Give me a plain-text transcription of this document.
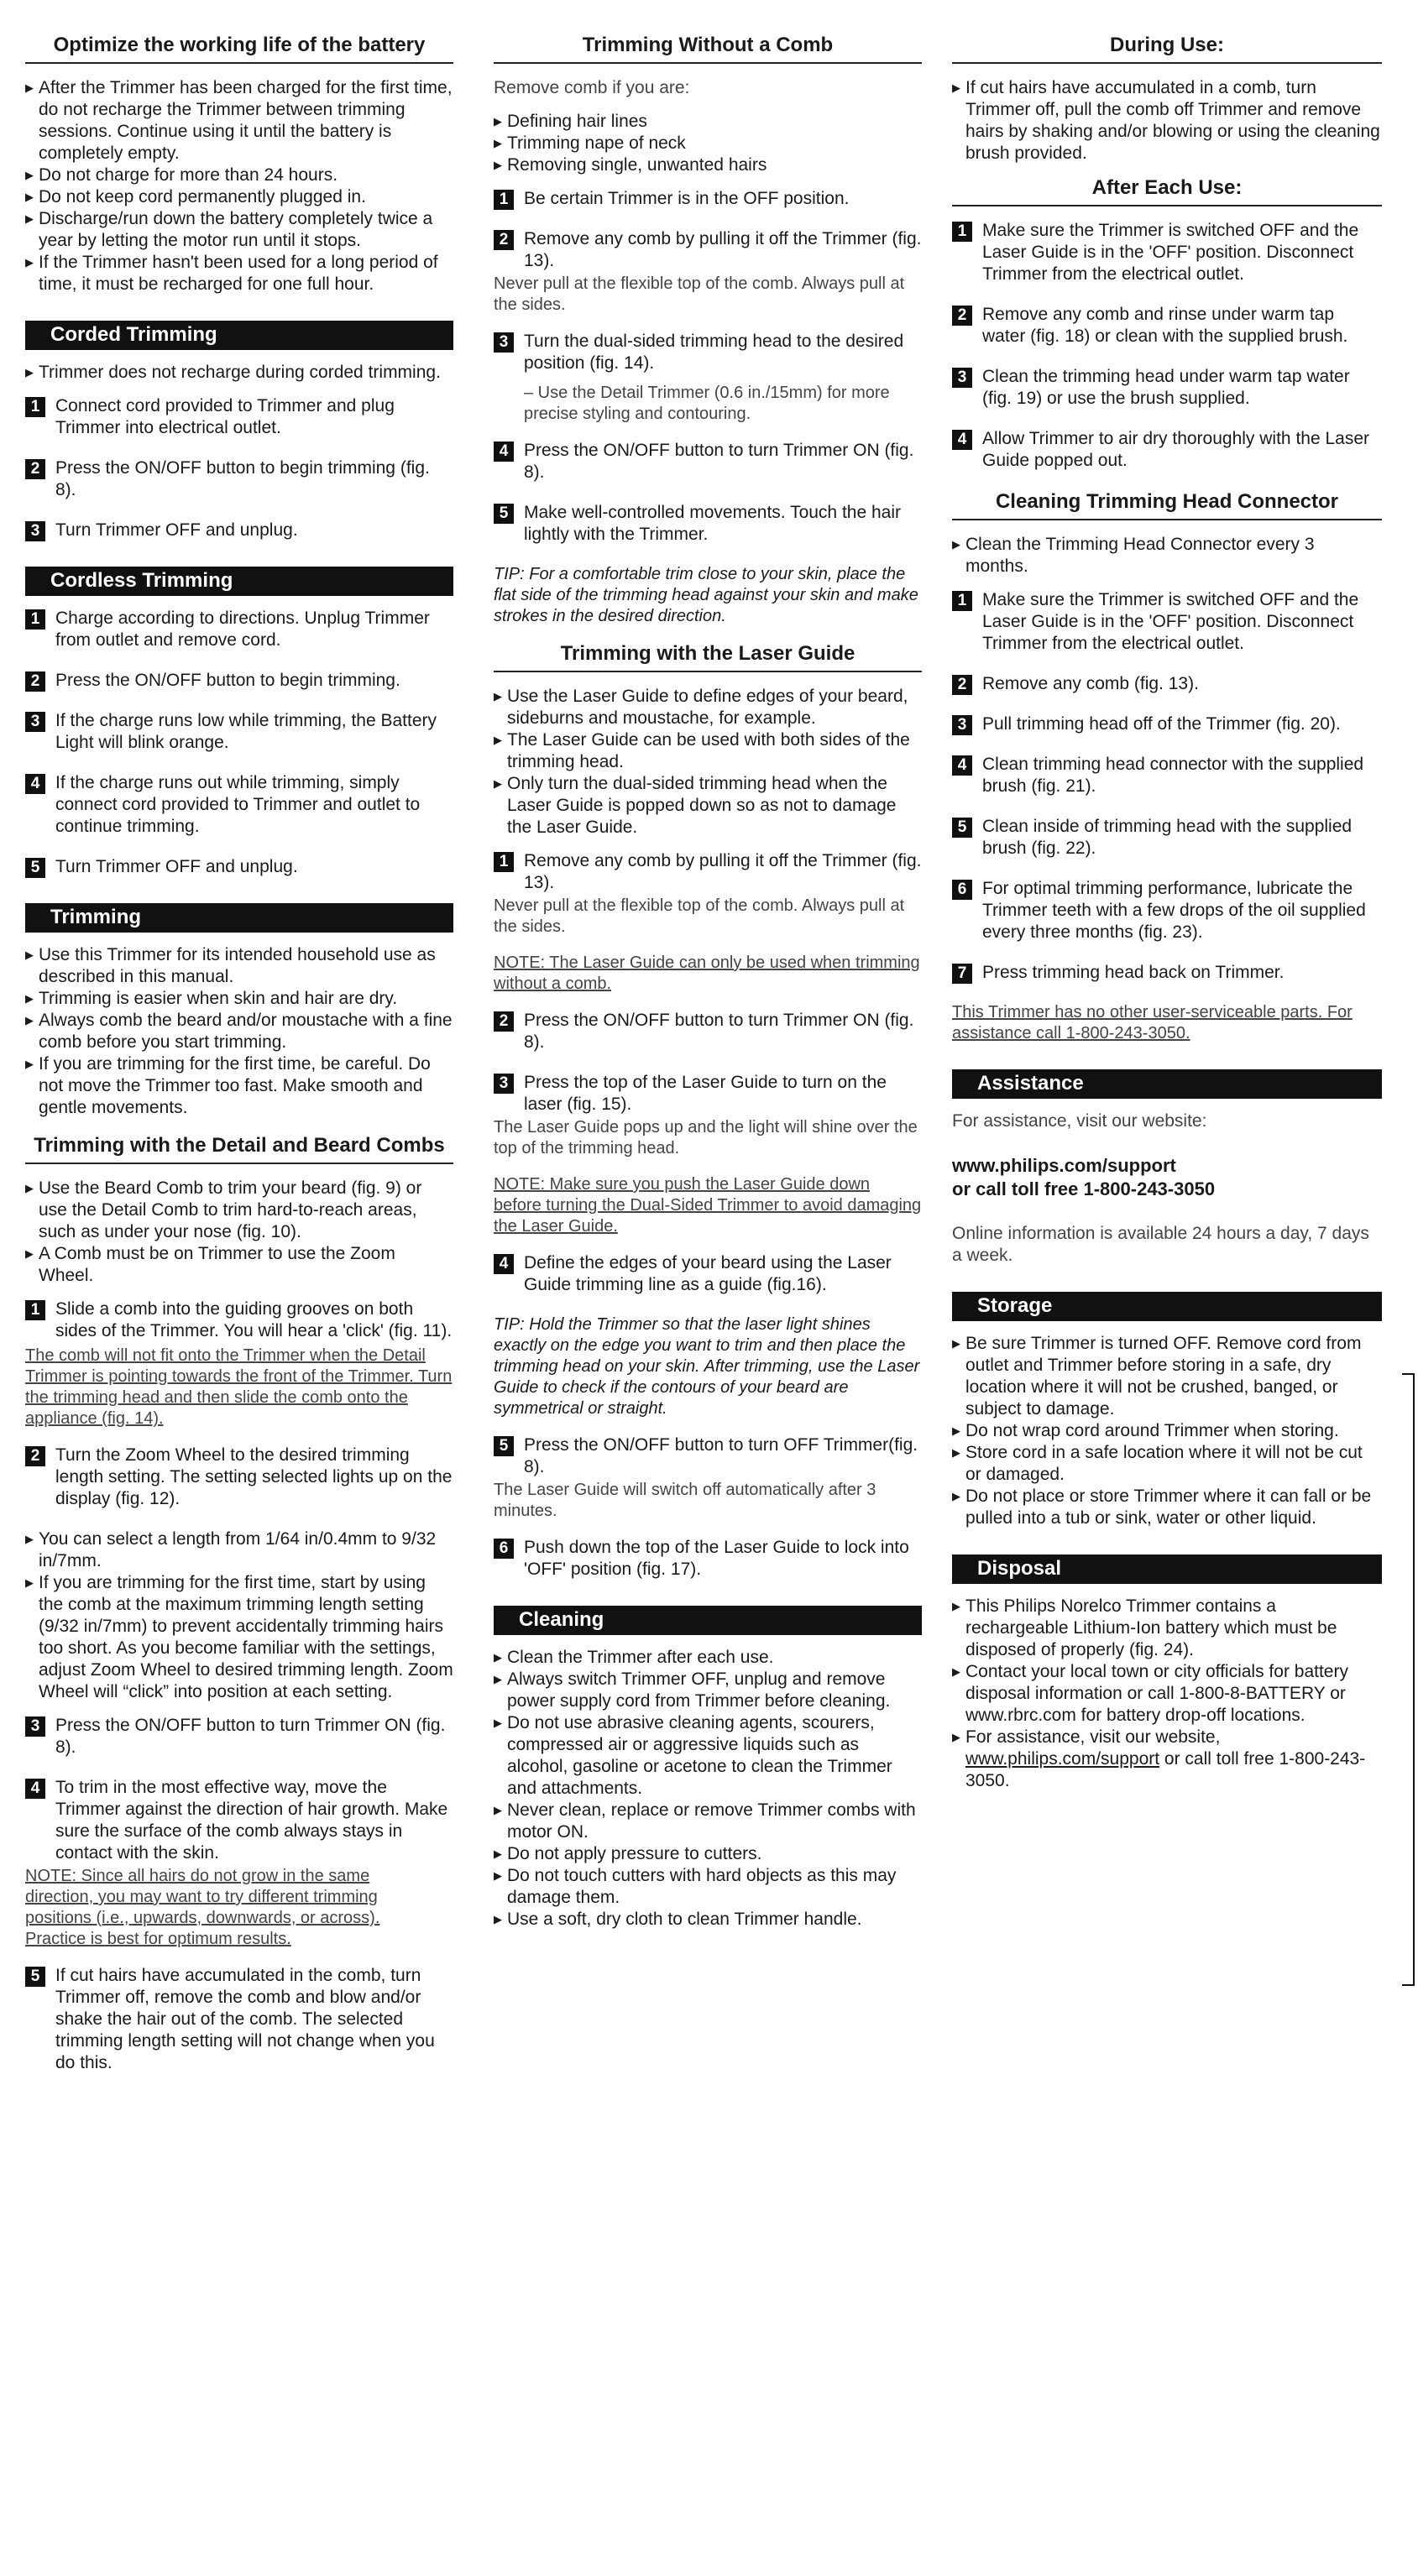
Optimize the working life of the battery
▶ After the Trimmer has been charged for the first time, do not recharge the Trimmer between trimming sessions. Continue using it until the battery is completely empty.
▶ Do not charge for more than 24 hours.
▶ Do not keep cord permanently plugged in.
▶ Discharge/run down the battery completely twice a year by letting the motor run until it stops.
▶ If the Trimmer hasn't been used for a long period of time, it must be recharged for one full hour.
Corded Trimming
▶ Trimmer does not recharge during corded trimming.
1 Connect cord provided to Trimmer and plug Trimmer into electrical outlet.
2 Press the ON/OFF button to begin trimming (fig. 8).
3 Turn Trimmer OFF and unplug.
Cordless Trimming
1 Charge according to directions. Unplug Trimmer from outlet and remove cord.
2 Press the ON/OFF button to begin trimming.
3 If the charge runs low while trimming, the Battery Light will blink orange.
4 If the charge runs out while trimming, simply connect cord provided to Trimmer and outlet to continue trimming.
5 Turn Trimmer OFF and unplug.
Trimming
▶ Use this Trimmer for its intended household use as described in this manual.
▶ Trimming is easier when skin and hair are dry.
▶ Always comb the beard and/or moustache with a fine comb before you start trimming.
▶ If you are trimming for the first time, be careful. Do not move the Trimmer too fast. Make smooth and gentle movements.
Trimming with the Detail and Beard Combs
▶ Use the Beard Comb to trim your beard (fig. 9) or use the Detail Comb to trim hard-to-reach areas, such as under your nose (fig. 10).
▶ A Comb must be on Trimmer to use the Zoom Wheel.
1 Slide a comb into the guiding grooves on both sides of the Trimmer. You will hear a 'click' (fig. 11).
The comb will not fit onto the Trimmer when the Detail Trimmer is pointing towards the front of the Trimmer. Turn the trimming head and then slide the comb onto the appliance (fig. 14).
2 Turn the Zoom Wheel to the desired trimming length setting. The setting selected lights up on the display (fig. 12).
▶ You can select a length from 1/64 in/0.4mm to 9/32 in/7mm.
▶ If you are trimming for the first time, start by using the comb at the maximum trimming length setting (9/32 in/7mm) to prevent accidentally trimming hairs too short. As you become familiar with the settings, adjust Zoom Wheel to desired trimming length. Zoom Wheel will “click” into position at each setting.
3 Press the ON/OFF button to turn Trimmer ON (fig. 8).
4 To trim in the most effective way, move the Trimmer against the direction of hair growth. Make sure the surface of the comb always stays in contact with the skin.
NOTE: Since all hairs do not grow in the same direction, you may want to try different trimming positions (i.e., upwards, downwards, or across). Practice is best for optimum results.
5 If cut hairs have accumulated in the comb, turn Trimmer off, remove the comb and blow and/or shake the hair out of the comb. The selected trimming length setting will not change when you do this.
Trimming Without a Comb
Remove comb if you are:
▶ Defining hair lines
▶ Trimming nape of neck
▶ Removing single, unwanted hairs
1 Be certain Trimmer is in the OFF position.
2 Remove any comb by pulling it off the Trimmer (fig. 13).
Never pull at the flexible top of the comb. Always pull at the sides.
3 Turn the dual-sided trimming head to the desired position (fig. 14).
– Use the Detail Trimmer (0.6 in./15mm) for more precise styling and contouring.
4 Press the ON/OFF button to turn Trimmer ON (fig. 8).
5 Make well-controlled movements. Touch the hair lightly with the Trimmer.
TIP: For a comfortable trim close to your skin, place the flat side of the trimming head against your skin and make strokes in the desired direction.
Trimming with the Laser Guide
▶ Use the Laser Guide to define edges of your beard, sideburns and moustache, for example.
▶ The Laser Guide can be used with both sides of the trimming head.
▶ Only turn the dual-sided trimming head when the Laser Guide is popped down so as not to damage the Laser Guide.
1 Remove any comb by pulling it off the Trimmer (fig. 13).
Never pull at the flexible top of the comb. Always pull at the sides.
NOTE: The Laser Guide can only be used when trimming without a comb.
2 Press the ON/OFF button to turn Trimmer ON (fig. 8).
3 Press the top of the Laser Guide to turn on the laser (fig. 15).
The Laser Guide pops up and the light will shine over the top of the trimming head.
NOTE: Make sure you push the Laser Guide down before turning the Dual-Sided Trimmer to avoid damaging the Laser Guide.
4 Define the edges of your beard using the Laser Guide trimming line as a guide (fig.16).
TIP: Hold the Trimmer so that the laser light shines exactly on the edge you want to trim and then place the trimming head on your skin. After trimming, use the Laser Guide to check if the contours of your beard are symmetrical or straight.
5 Press the ON/OFF button to turn OFF Trimmer(fig. 8).
The Laser Guide will switch off automatically after 3 minutes.
6 Push down the top of the Laser Guide to lock into 'OFF' position (fig. 17).
Cleaning
▶ Clean the Trimmer after each use.
▶ Always switch Trimmer OFF, unplug and remove power supply cord from Trimmer before cleaning.
▶ Do not use abrasive cleaning agents, scourers, compressed air or aggressive liquids such as alcohol, gasoline or acetone to clean the Trimmer and attachments.
▶ Never clean, replace or remove Trimmer combs with motor ON.
▶ Do not apply pressure to cutters.
▶ Do not touch cutters with hard objects as this may damage them.
▶ Use a soft, dry cloth to clean Trimmer handle.
During Use:
▶ If cut hairs have accumulated in a comb, turn Trimmer off, pull the comb off Trimmer and remove hairs by shaking and/or blowing or using the cleaning brush provided.
After Each Use:
1 Make sure the Trimmer is switched OFF and the Laser Guide is in the 'OFF' position. Disconnect Trimmer from the electrical outlet.
2 Remove any comb and rinse under warm tap water (fig. 18) or clean with the supplied brush.
3 Clean the trimming head under warm tap water (fig. 19) or use the brush supplied.
4 Allow Trimmer to air dry thoroughly with the Laser Guide popped out.
Cleaning Trimming Head Connector
▶ Clean the Trimming Head Connector every 3 months.
1 Make sure the Trimmer is switched OFF and the Laser Guide is in the 'OFF' position. Disconnect Trimmer from the electrical outlet.
2 Remove any comb (fig. 13).
3 Pull trimming head off of the Trimmer (fig. 20).
4 Clean trimming head connector with the supplied brush (fig. 21).
5 Clean inside of trimming head with the supplied brush (fig. 22).
6 For optimal trimming performance, lubricate the Trimmer teeth with a few drops of the oil supplied every three months (fig. 23).
7 Press trimming head back on Trimmer.
This Trimmer has no other user-serviceable parts. For assistance call 1-800-243-3050.
Assistance
For assistance, visit our website:
www.philips.com/support
or call toll free 1-800-243-3050
Online information is available 24 hours a day, 7 days a week.
Storage
▶ Be sure Trimmer is turned OFF. Remove cord from outlet and Trimmer before storing in a safe, dry location where it will not be crushed, banged, or subject to damage.
▶ Do not wrap cord around Trimmer when storing.
▶ Store cord in a safe location where it will not be cut or damaged.
▶ Do not place or store Trimmer where it can fall or be pulled into a tub or sink, water or other liquid.
Disposal
▶ This Philips Norelco Trimmer contains a rechargeable Lithium-Ion battery which must be disposed of properly (fig. 24).
▶ Contact your local town or city officials for battery disposal information or call 1-800-8-BATTERY or www.rbrc.com for battery drop-off locations.
▶ For assistance, visit our website, www.philips.com/support or call toll free 1-800-243-3050.
